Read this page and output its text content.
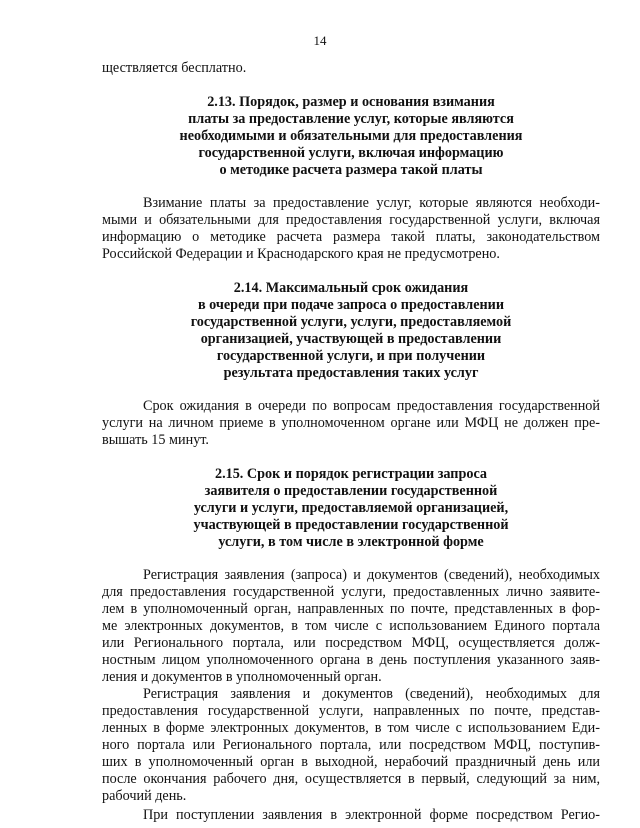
14
ществляется бесплатно.
2.13. Порядок, размер и основания взимания
платы за предоставление услуг, которые являются
необходимыми и обязательными для предоставления
государственной услуги, включая информацию
о методике расчета размера такой платы
Взимание платы за предоставление услуг, которые являются необходи-
мыми и обязательными для предоставления государственной услуги, включая
информацию о методике расчета размера такой платы, законодательством
Российской Федерации и Краснодарского края не предусмотрено.
2.14. Максимальный срок ожидания
в очереди при подаче запроса о предоставлении
государственной услуги, услуги, предоставляемой
организацией, участвующей в предоставлении
государственной услуги, и при получении
результата предоставления таких услуг
Срок ожидания в очереди по вопросам предоставления государственной
услуги на личном приеме в уполномоченном органе или МФЦ не должен пре-
вышать 15 минут.
2.15. Срок и порядок регистрации запроса
заявителя о предоставлении государственной
услуги и услуги, предоставляемой организацией,
участвующей в предоставлении государственной
услуги, в том числе в электронной форме
Регистрация заявления (запроса) и документов (сведений), необходимых
для предоставления государственной услуги, предоставленных лично заявите-
лем в уполномоченный орган, направленных по почте, представленных в фор-
ме электронных документов, в том числе с использованием Единого портала
или Регионального портала, или посредством МФЦ, осуществляется долж-
ностным лицом уполномоченного органа в день поступления указанного заяв-
ления и документов в уполномоченный орган.
Регистрация заявления и документов (сведений), необходимых для
предоставления государственной услуги, направленных по почте, представ-
ленных в форме электронных документов, в том числе с использованием Еди-
ного портала или Регионального портала, или посредством МФЦ, поступив-
ших в уполномоченный орган в выходной, нерабочий праздничный день или
после окончания рабочего дня, осуществляется в первый, следующий за ним,
рабочий день.
При поступлении заявления в электронной форме посредством Регио-
